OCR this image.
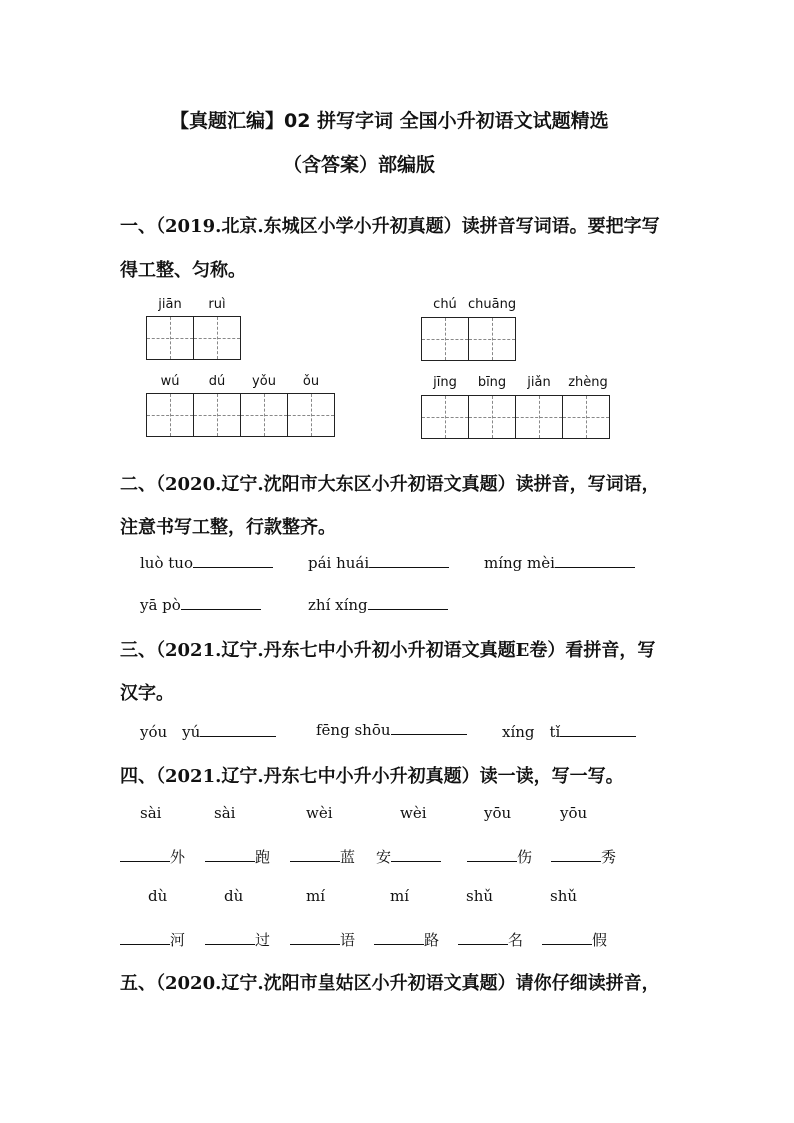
【真题汇编】02 拼写字词 全国小升初语文试题精选
（含答案）部编版
一、（2019.北京.东城区小学小升初真题）读拼音写词语。要把字写
得工整、匀称。
jiān	ruì	chú chuāng
wú	dú	yǒu	ǒu	jīng	bīng	jiǎn	zhèng
二、（2020.辽宁.沈阳市大东区小升初语文真题）读拼音，写词语，
注意书写工整，行款整齐。
luò tuo	pái huái	míng mèi
yā pò	zhí xíng
三、（2021.辽宁.丹东七中小升初小升初语文真题E卷）看拼音，写
汉字。
yóu　yú	fēng shōu	xíng　tǐ
四、（2021.辽宁.丹东七中小升小升初真题）读一读，写一写。
sài	sài	wèi	wèi	yōu	yōu
外	跑	蓝 安	伤	秀
dù	dù	mí	mí	shǔ	shǔ
河	过	语	路	名	假
五、（2020.辽宁.沈阳市皇姑区小升初语文真题）请你仔细读拼音，
